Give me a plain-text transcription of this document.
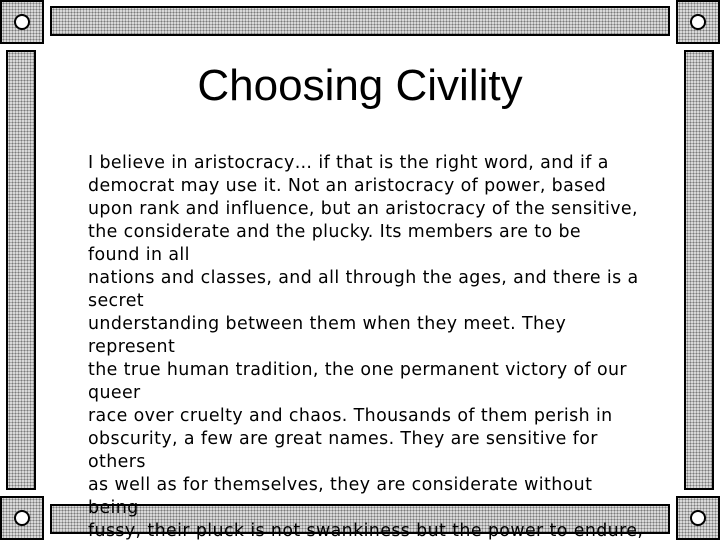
Choosing Civility
I believe in aristocracy… if that is the right word, and if a
democrat may use it. Not an aristocracy of power, based
upon rank and influence, but an aristocracy of the sensitive,
the considerate and the plucky. Its members are to be
found in all
nations and classes, and all through the ages, and there is a
secret
understanding between them when they meet. They
represent
the true human tradition, the one permanent victory of our
queer
race over cruelty and chaos. Thousands of them perish in
obscurity, a few are great names. They are sensitive for
others
as well as for themselves, they are considerate without
being
fussy, their pluck is not swankiness but the power to endure,
